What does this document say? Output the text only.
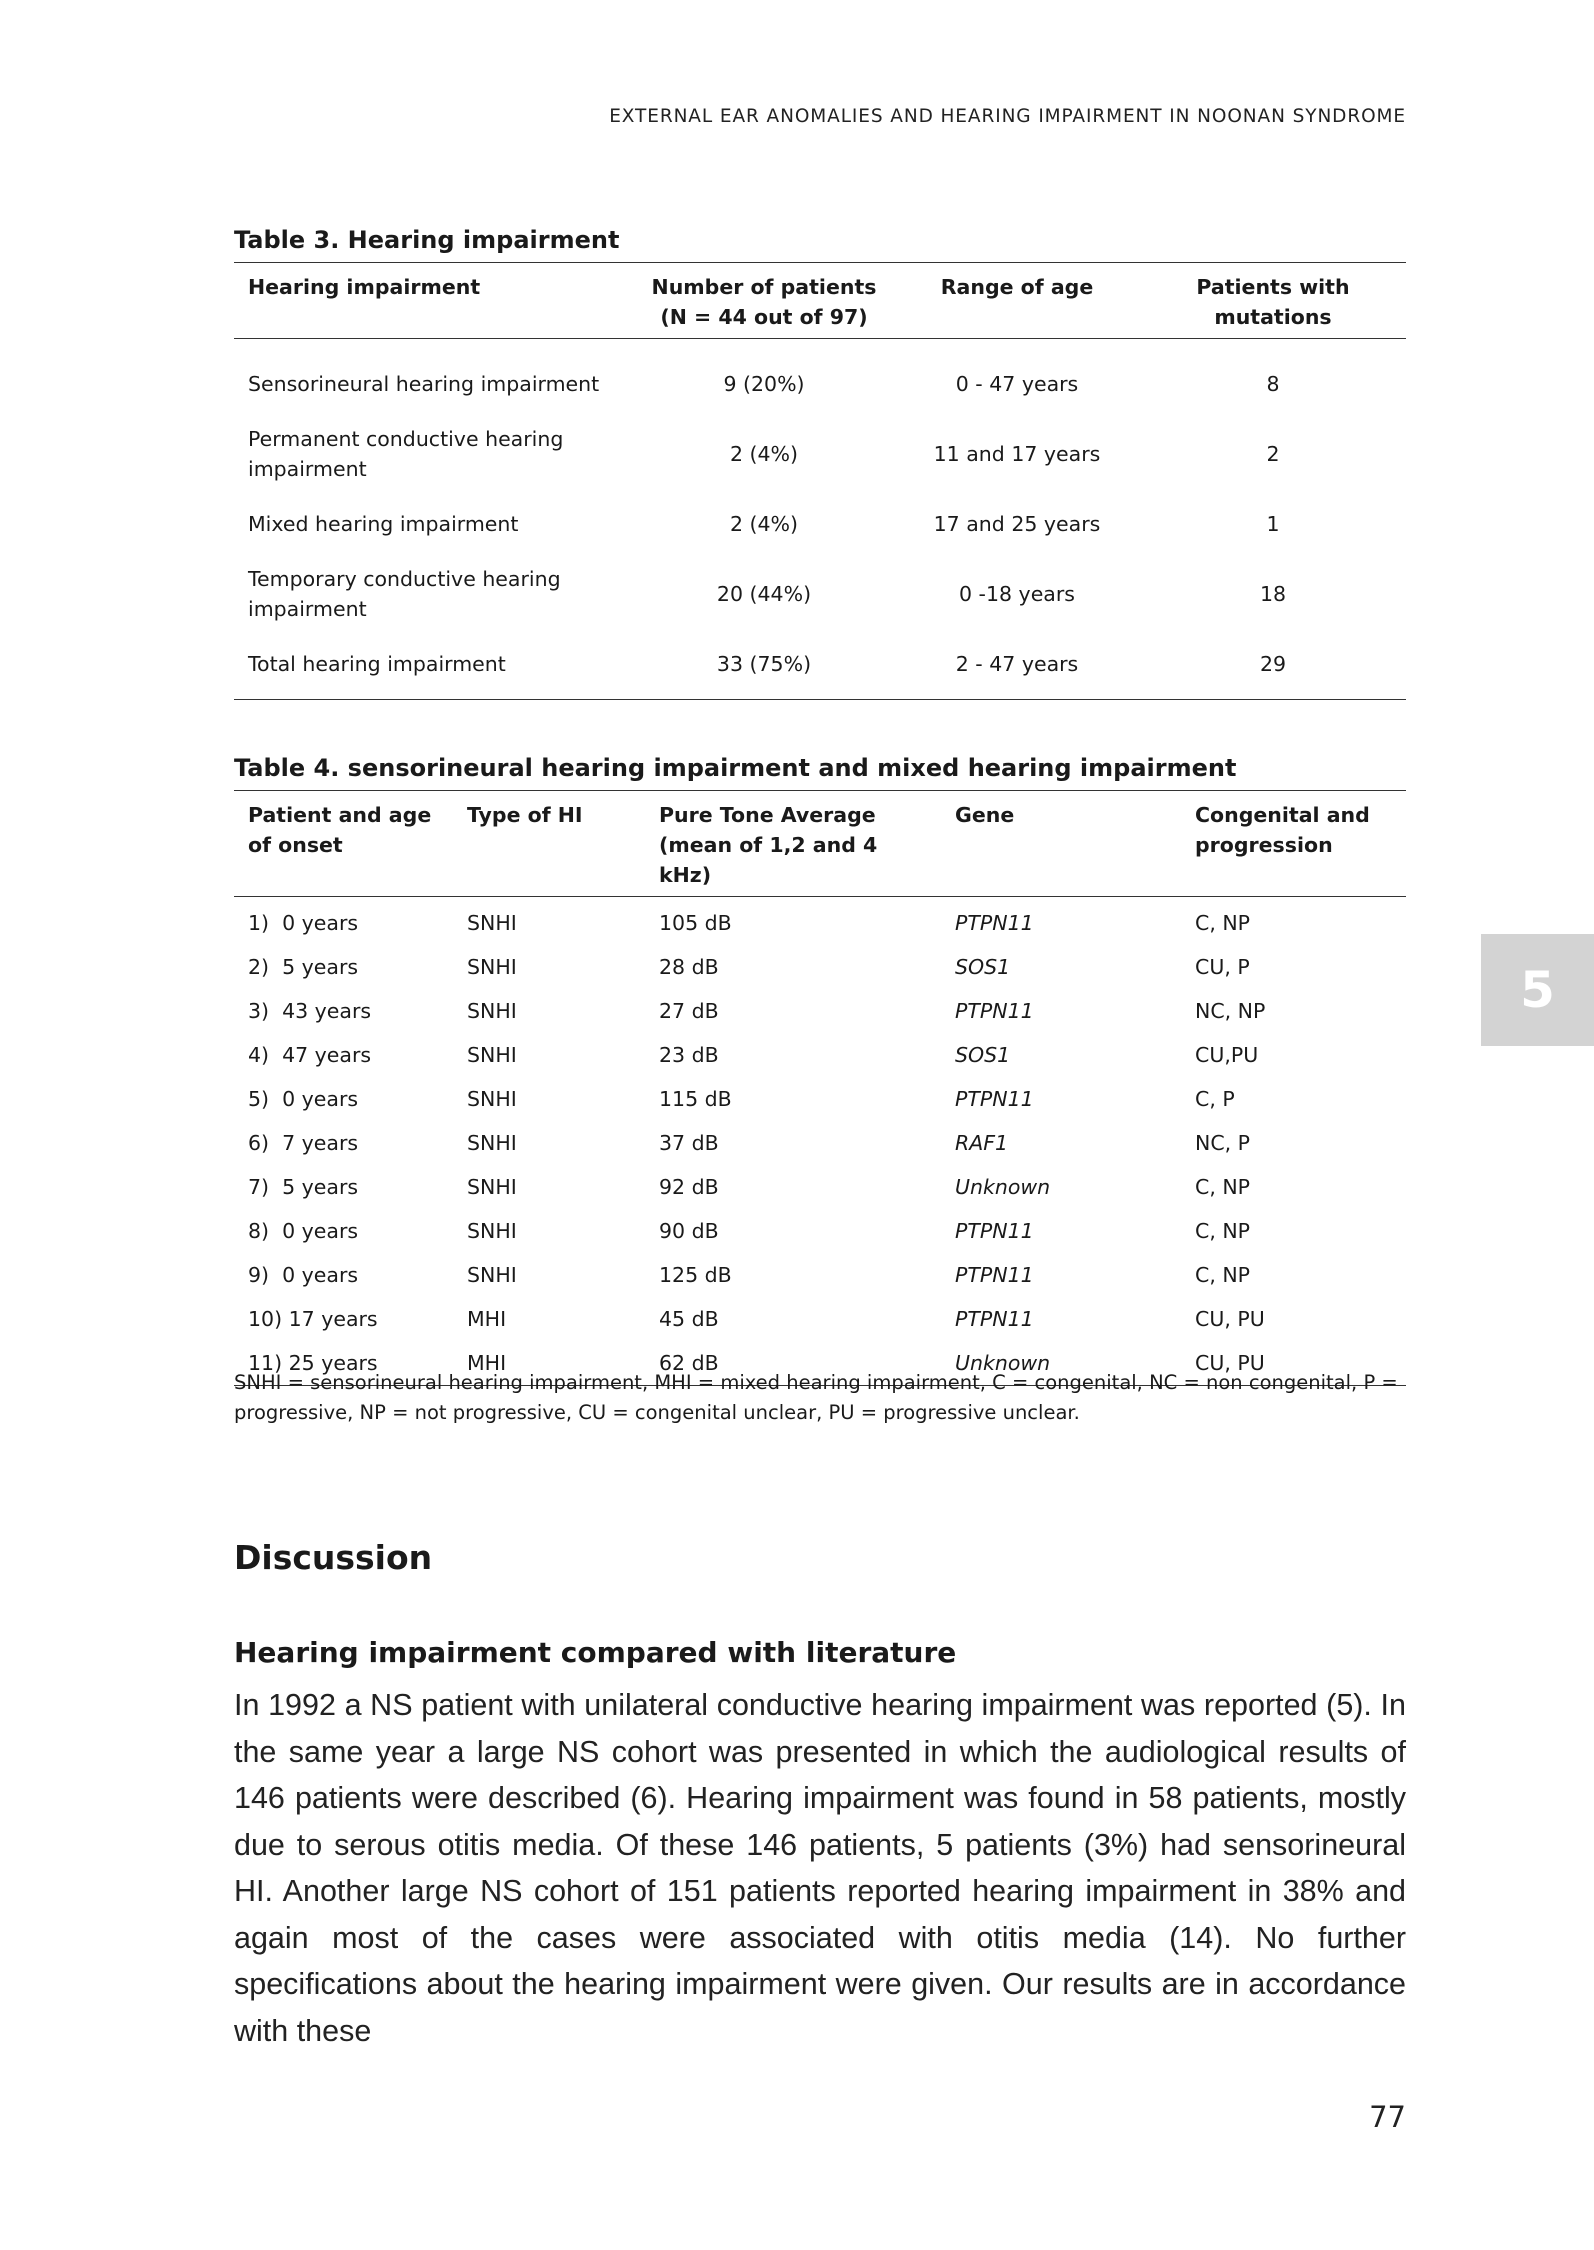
EXTERNAL EAR ANOMALIES AND HEARING IMPAIRMENT IN NOONAN SYNDROME

Table 3. Hearing impairment

Hearing impairment	Number of patients (N = 44 out of 97)	Range of age	Patients with mutations
Sensorineural hearing impairment	9 (20%)	0 - 47 years	8
Permanent conductive hearing impairment	2 (4%)	11 and 17 years	2
Mixed hearing impairment	2 (4%)	17 and 25 years	1
Temporary conductive hearing impairment	20 (44%)	0 -18 years	18
Total hearing impairment	33 (75%)	2 - 47 years	29

Table 4. sensorineural hearing impairment and mixed hearing impairment

Patient and age of onset	Type of HI	Pure Tone Average (mean of 1,2 and 4 kHz)	Gene	Congenital and progression
1)  0 years	SNHI	105 dB	PTPN11	C, NP
2)  5 years	SNHI	28 dB	SOS1	CU, P
3)  43 years	SNHI	27 dB	PTPN11	NC, NP
4)  47 years	SNHI	23 dB	SOS1	CU,PU
5)  0 years	SNHI	115 dB	PTPN11	C, P
6)  7 years	SNHI	37 dB	RAF1	NC, P
7)  5 years	SNHI	92 dB	Unknown	C, NP
8)  0 years	SNHI	90 dB	PTPN11	C, NP
9)  0 years	SNHI	125 dB	PTPN11	C, NP
10) 17 years	MHI	45 dB	PTPN11	CU, PU
11) 25 years	MHI	62 dB	Unknown	CU, PU

SNHI = sensorineural hearing impairment, MHI = mixed hearing impairment, C = congenital, NC = non congenital, P = progressive, NP = not progressive, CU = congenital unclear, PU = progressive unclear.

Discussion
Hearing impairment compared with literature

In 1992 a NS patient with unilateral conductive hearing impairment was reported (5). In the same year a large NS cohort was presented in which the audiological results of 146 patients were described (6). Hearing impairment was found in 58 patients, mostly due to serous otitis media. Of these 146 patients, 5 patients (3%) had sensorineural HI. Another large NS cohort of 151 patients reported hearing impairment in 38% and again most of the cases were associated with otitis media (14). No further specifications about the hearing impairment were given. Our results are in accordance with these

5
77
